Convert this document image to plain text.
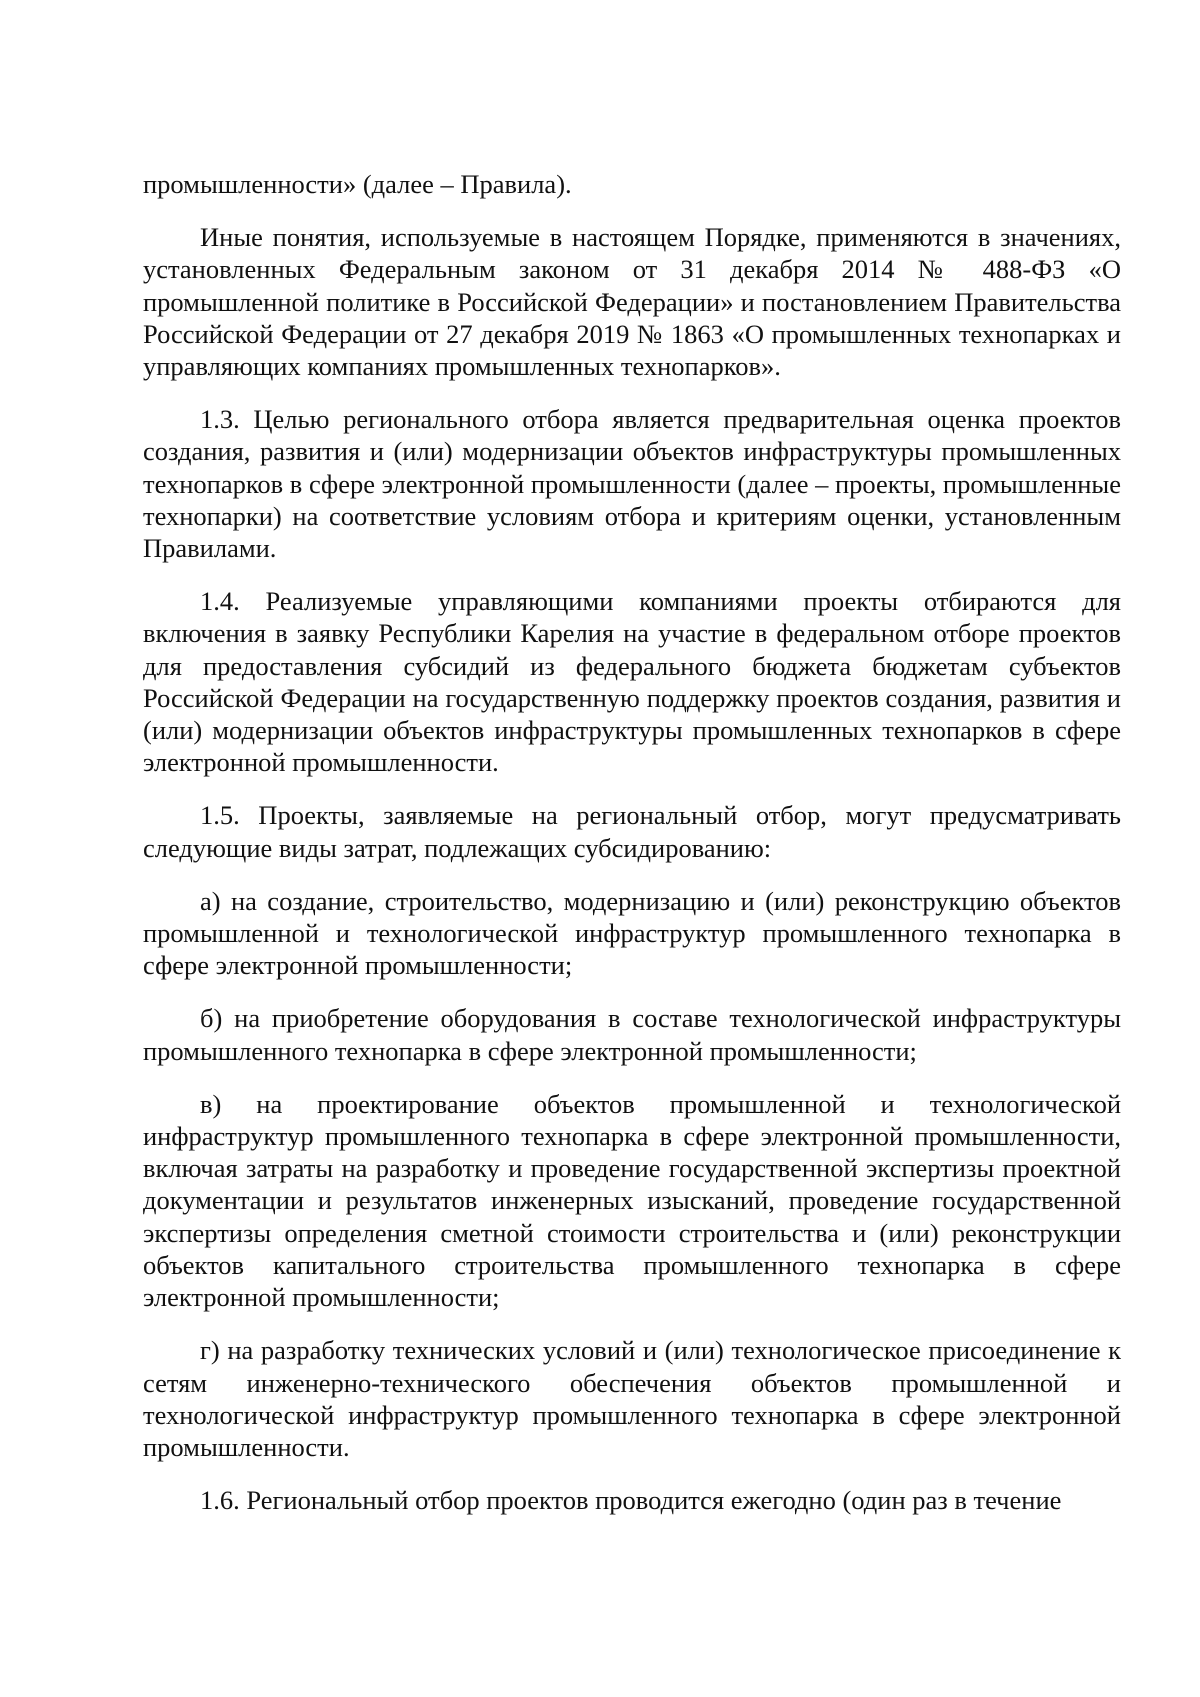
промышленности» (далее – Правила).

Иные понятия, используемые в настоящем Порядке, применяются в значениях, установленных Федеральным законом от 31 декабря 2014 № 488-ФЗ «О промышленной политике в Российской Федерации» и постановлением Правительства Российской Федерации от 27 декабря 2019 № 1863 «О промышленных технопарках и управляющих компаниях промышленных технопарков».

1.3. Целью регионального отбора является предварительная оценка проектов создания, развития и (или) модернизации объектов инфраструктуры промышленных технопарков в сфере электронной промышленности (далее – проекты, промышленные технопарки) на соответствие условиям отбора и критериям оценки, установленным Правилами.

1.4. Реализуемые управляющими компаниями проекты отбираются для включения в заявку Республики Карелия на участие в федеральном отборе проектов для предоставления субсидий из федерального бюджета бюджетам субъектов Российской Федерации на государственную поддержку проектов создания, развития и (или) модернизации объектов инфраструктуры промышленных технопарков в сфере электронной промышленности.

1.5. Проекты, заявляемые на региональный отбор, могут предусматривать следующие виды затрат, подлежащих субсидированию:

а) на создание, строительство, модернизацию и (или) реконструкцию объектов промышленной и технологической инфраструктур промышленного технопарка в сфере электронной промышленности;

б) на приобретение оборудования в составе технологической инфраструктуры промышленного технопарка в сфере электронной промышленности;

в) на проектирование объектов промышленной и технологической инфраструктур промышленного технопарка в сфере электронной промышленности, включая затраты на разработку и проведение государственной экспертизы проектной документации и результатов инженерных изысканий, проведение государственной экспертизы определения сметной стоимости строительства и (или) реконструкции объектов капитального строительства промышленного технопарка в сфере электронной промышленности;

г) на разработку технических условий и (или) технологическое присоединение к сетям инженерно-технического обеспечения объектов промышленной и технологической инфраструктур промышленного технопарка в сфере электронной промышленности.

1.6. Региональный отбор проектов проводится ежегодно (один раз в течение
